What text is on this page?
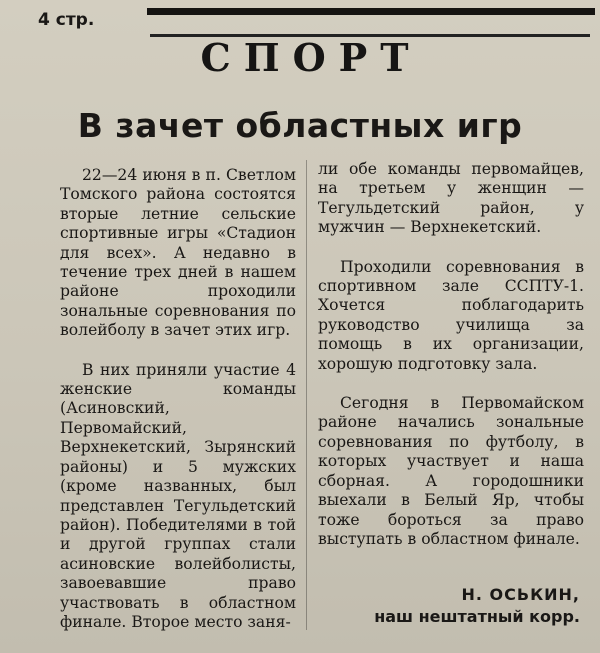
4 стр.
СПОРТ
В зачет областных игр

22—24 июня в п. Светлом Томского района состоятся вторые летние сельские спортивные игры «Стадион для всех». А недавно в течение трех дней в нашем районе проходили зональные соревнования по волейболу в зачет этих игр.

В них приняли участие 4 женские команды (Асиновский, Первомайский, Верхнекетский, Зырянский районы) и 5 мужских (кроме названных, был представлен Тегульдетский район). Победителями в той и другой группах стали асиновские волейболисты, завоевавшие право участвовать в областном финале. Второе место заня-

ли обе команды первомайцев, на третьем у женщин — Тегульдетский район, у мужчин — Верхнекетский.

Проходили соревнования в спортивном зале ССПТУ-1. Хочется поблагодарить руководство училища за помощь в их организации, хорошую подготовку зала.

Сегодня в Первомайском районе начались зональные соревнования по футболу, в которых участвует и наша сборная. А городошники выехали в Белый Яр, чтобы тоже бороться за право выступать в областном финале.

Н. ОСЬКИН,
наш нештатный корр.
